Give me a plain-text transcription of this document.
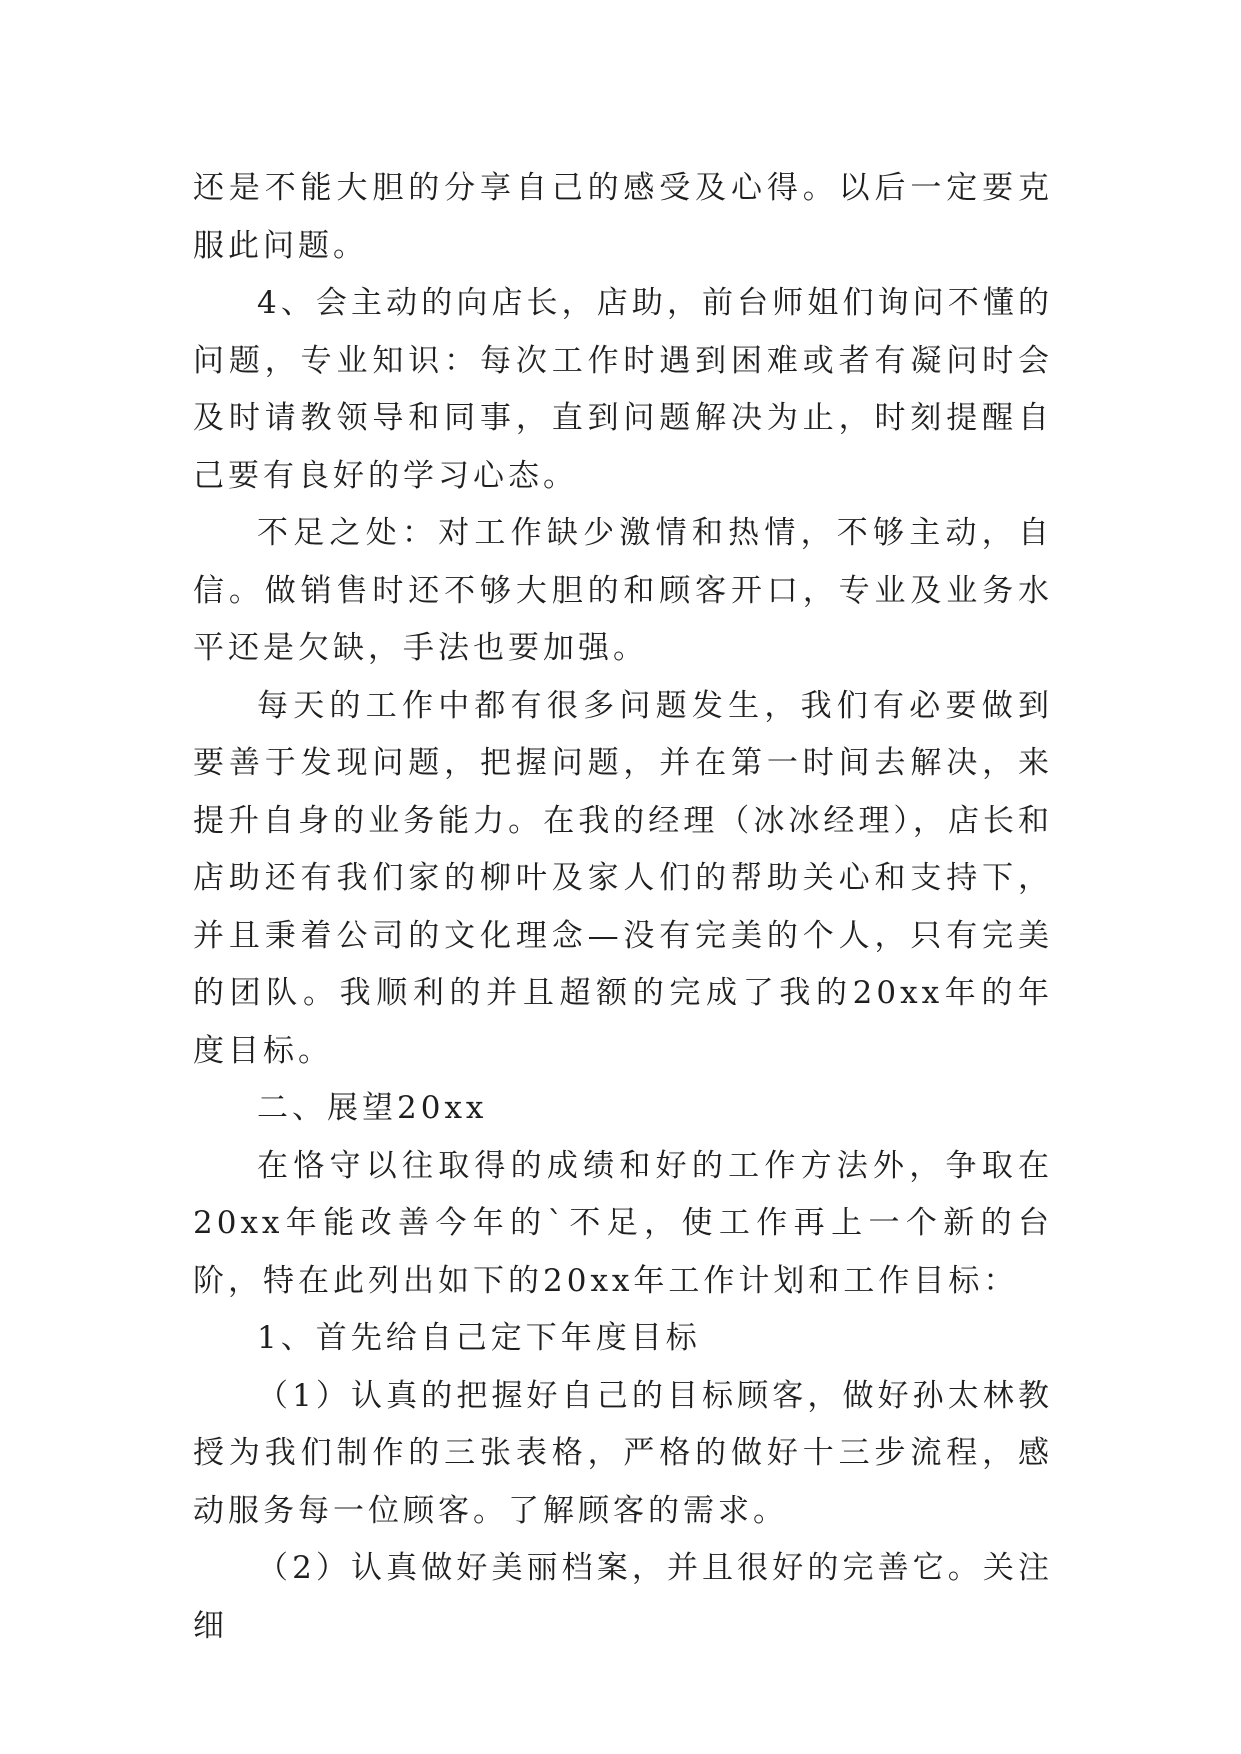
还是不能大胆的分享自己的感受及心得。以后一定要克服此问题。

4、会主动的向店长，店助，前台师姐们询问不懂的问题，专业知识：每次工作时遇到困难或者有凝问时会及时请教领导和同事，直到问题解决为止，时刻提醒自己要有良好的学习心态。

不足之处：对工作缺少激情和热情，不够主动，自信。做销售时还不够大胆的和顾客开口，专业及业务水平还是欠缺，手法也要加强。

每天的工作中都有很多问题发生，我们有必要做到要善于发现问题，把握问题，并在第一时间去解决，来提升自身的业务能力。在我的经理（冰冰经理），店长和店助还有我们家的柳叶及家人们的帮助关心和支持下，并且秉着公司的文化理念—没有完美的个人，只有完美的团队。我顺利的并且超额的完成了我的20xx年的年度目标。

二、展望20xx

在恪守以往取得的成绩和好的工作方法外，争取在20xx年能改善今年的`不足，使工作再上一个新的台阶，特在此列出如下的20xx年工作计划和工作目标：

1、首先给自己定下年度目标

（1）认真的把握好自己的目标顾客，做好孙太林教授为我们制作的三张表格，严格的做好十三步流程，感动服务每一位顾客。了解顾客的需求。

（2）认真做好美丽档案，并且很好的完善它。关注细
